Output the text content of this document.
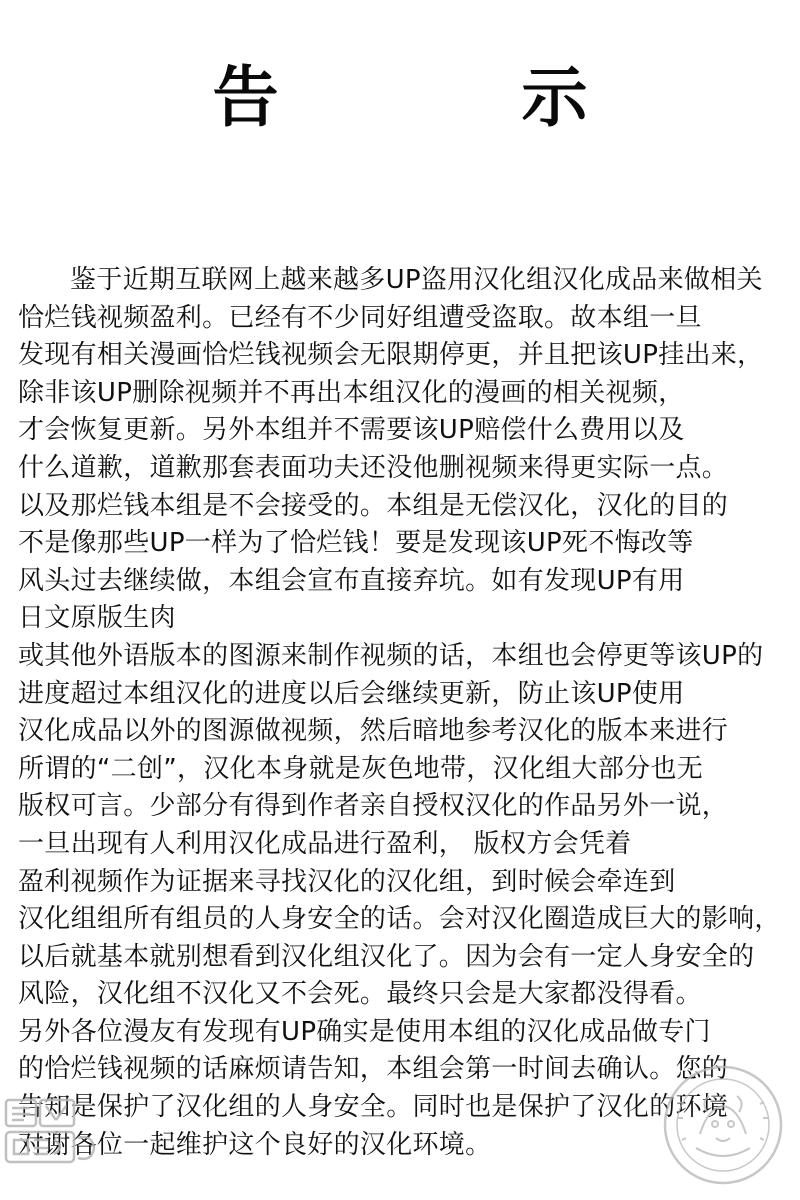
告 示
鉴于近期互联网上越来越多UP盗用汉化组汉化成品来做相关
恰烂钱视频盈利。已经有不少同好组遭受盗取。故本组一旦
发现有相关漫画恰烂钱视频会无限期停更，并且把该UP挂出来，
除非该UP删除视频并不再出本组汉化的漫画的相关视频，
才会恢复更新。另外本组并不需要该UP赔偿什么费用以及
什么道歉，道歉那套表面功夫还没他删视频来得更实际一点。
以及那烂钱本组是不会接受的。本组是无偿汉化，汉化的目的
不是像那些UP一样为了恰烂钱！要是发现该UP死不悔改等
风头过去继续做，本组会宣布直接弃坑。如有发现UP有用
日文原版生肉
或其他外语版本的图源来制作视频的话，本组也会停更等该UP的
进度超过本组汉化的进度以后会继续更新，防止该UP使用
汉化成品以外的图源做视频，然后暗地参考汉化的版本来进行
所谓的“二创”，汉化本身就是灰色地带，汉化组大部分也无
版权可言。少部分有得到作者亲自授权汉化的作品另外一说，
一旦出现有人利用汉化成品进行盈利， 版权方会凭着
盈利视频作为证据来寻找汉化的汉化组，到时候会牵连到
汉化组组所有组员的人身安全的话。会对汉化圈造成巨大的影响，
以后就基本就别想看到汉化组汉化了。因为会有一定人身安全的
风险，汉化组不汉化又不会死。最终只会是大家都没得看。
另外各位漫友有发现有UP确实是使用本组的汉化成品做专门
的恰烂钱视频的话麻烦请告知，本组会第一时间去确认。您的
告知是保护了汉化组的人身安全。同时也是保护了汉化的环境
对谢各位一起维护这个良好的汉化环境。
